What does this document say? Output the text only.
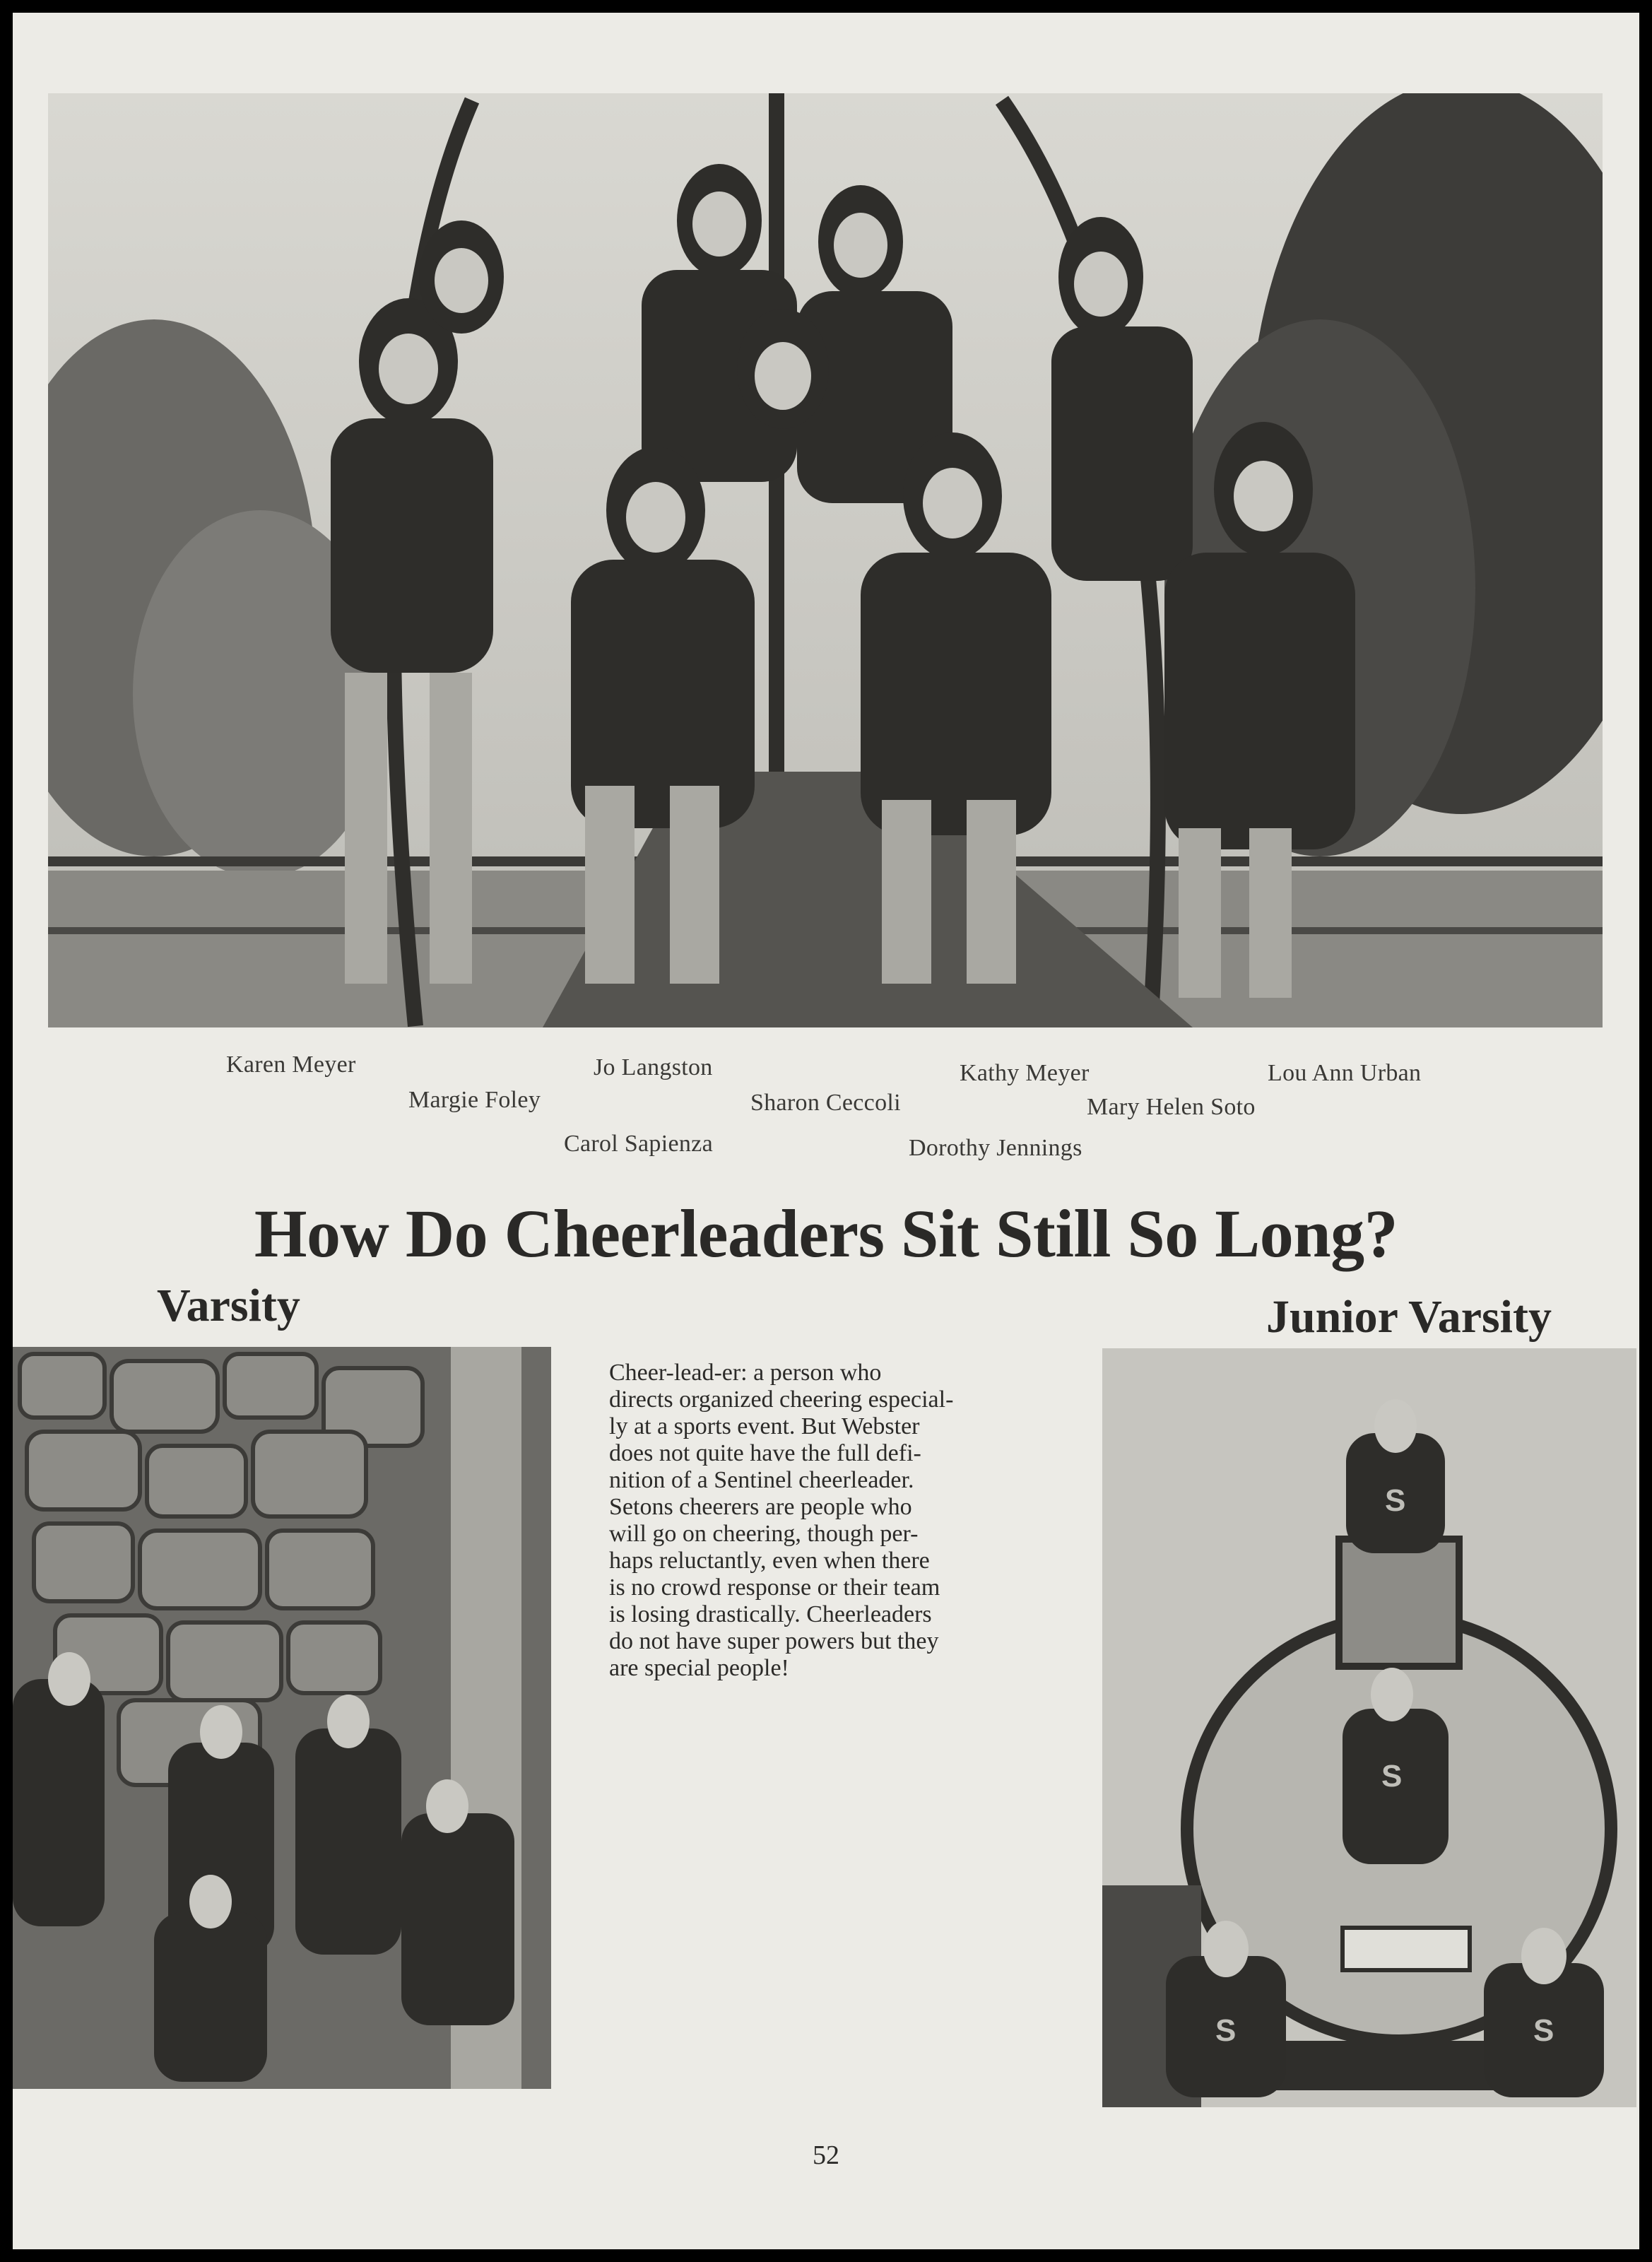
Karen Meyer
Margie Foley
Jo Langston
Carol Sapienza
Sharon Ceccoli
Dorothy Jennings
Kathy Meyer
Mary Helen Soto
Lou Ann Urban
How Do Cheerleaders Sit Still So Long?
Varsity	Junior Varsity

Cheer-lead-er: a person who

directs organized cheering especial-

ly at a sports event. But Webster

does not quite have the full defi-

nition of a Sentinel cheerleader.

Setons cheerers are people who

will go on cheering, though per-

haps reluctantly, even when there

is no crowd response or their team

is losing drastically. Cheerleaders

do not have super powers but they

are special people!

S
S
S	S
52
